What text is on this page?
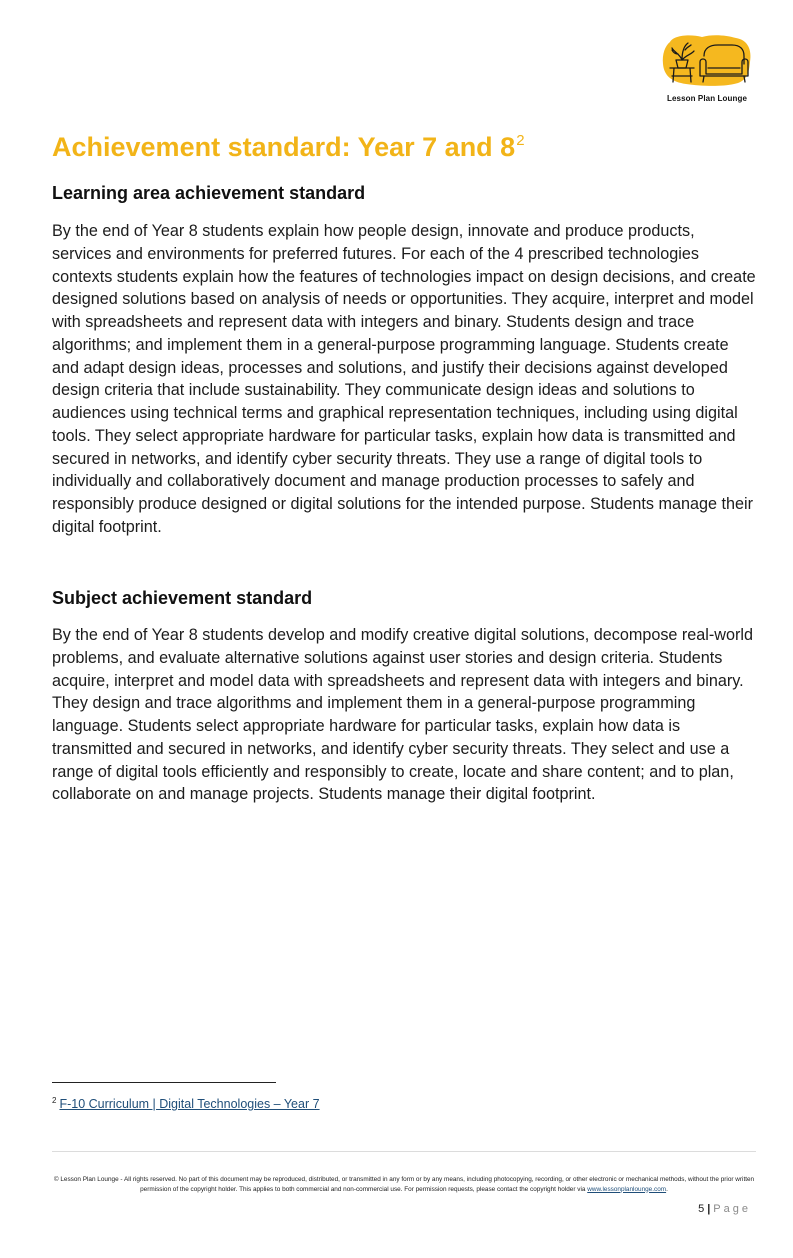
Lesson Plan Lounge
Achievement standard: Year 7 and $8^2$
Learning area achievement standard

By the end of Year 8 students explain how people design, innovate and produce products, services and environments for preferred futures. For each of the 4 prescribed technologies contexts students explain how the features of technologies impact on design decisions, and create designed solutions based on analysis of needs or opportunities. They acquire, interpret and model with spreadsheets and represent data with integers and binary. Students design and trace algorithms; and implement them in a general-purpose programming language. Students create and adapt design ideas, processes and solutions, and justify their decisions against developed design criteria that include sustainability. They communicate design ideas and solutions to audiences using technical terms and graphical representation techniques, including using digital tools. They select appropriate hardware for particular tasks, explain how data is transmitted and secured in networks, and identify cyber security threats. They use a range of digital tools to individually and collaboratively document and manage production processes to safely and responsibly produce designed or digital solutions for the intended purpose. Students manage their digital footprint.

Subject achievement standard

By the end of Year 8 students develop and modify creative digital solutions, decompose real-world problems, and evaluate alternative solutions against user stories and design criteria. Students acquire, interpret and model data with spreadsheets and represent data with integers and binary. They design and trace algorithms and implement them in a general-purpose programming language. Students select appropriate hardware for particular tasks, explain how data is transmitted and secured in networks, and identify cyber security threats. They select and use a range of digital tools efficiently and responsibly to create, locate and share content; and to plan, collaborate on and manage projects. Students manage their digital footprint.

$^2$ F-10 Curriculum | Digital Technologies – Year 7

© Lesson Plan Lounge - All rights reserved. No part of this document may be reproduced, distributed, or transmitted in any form or by any means, including photocopying, recording, or other electronic or mechanical methods, without the prior written permission of the copyright holder. This applies to both commercial and non-commercial use. For permission requests, please contact the copyright holder via www.lessonplanlounge.com.

5 | Page
